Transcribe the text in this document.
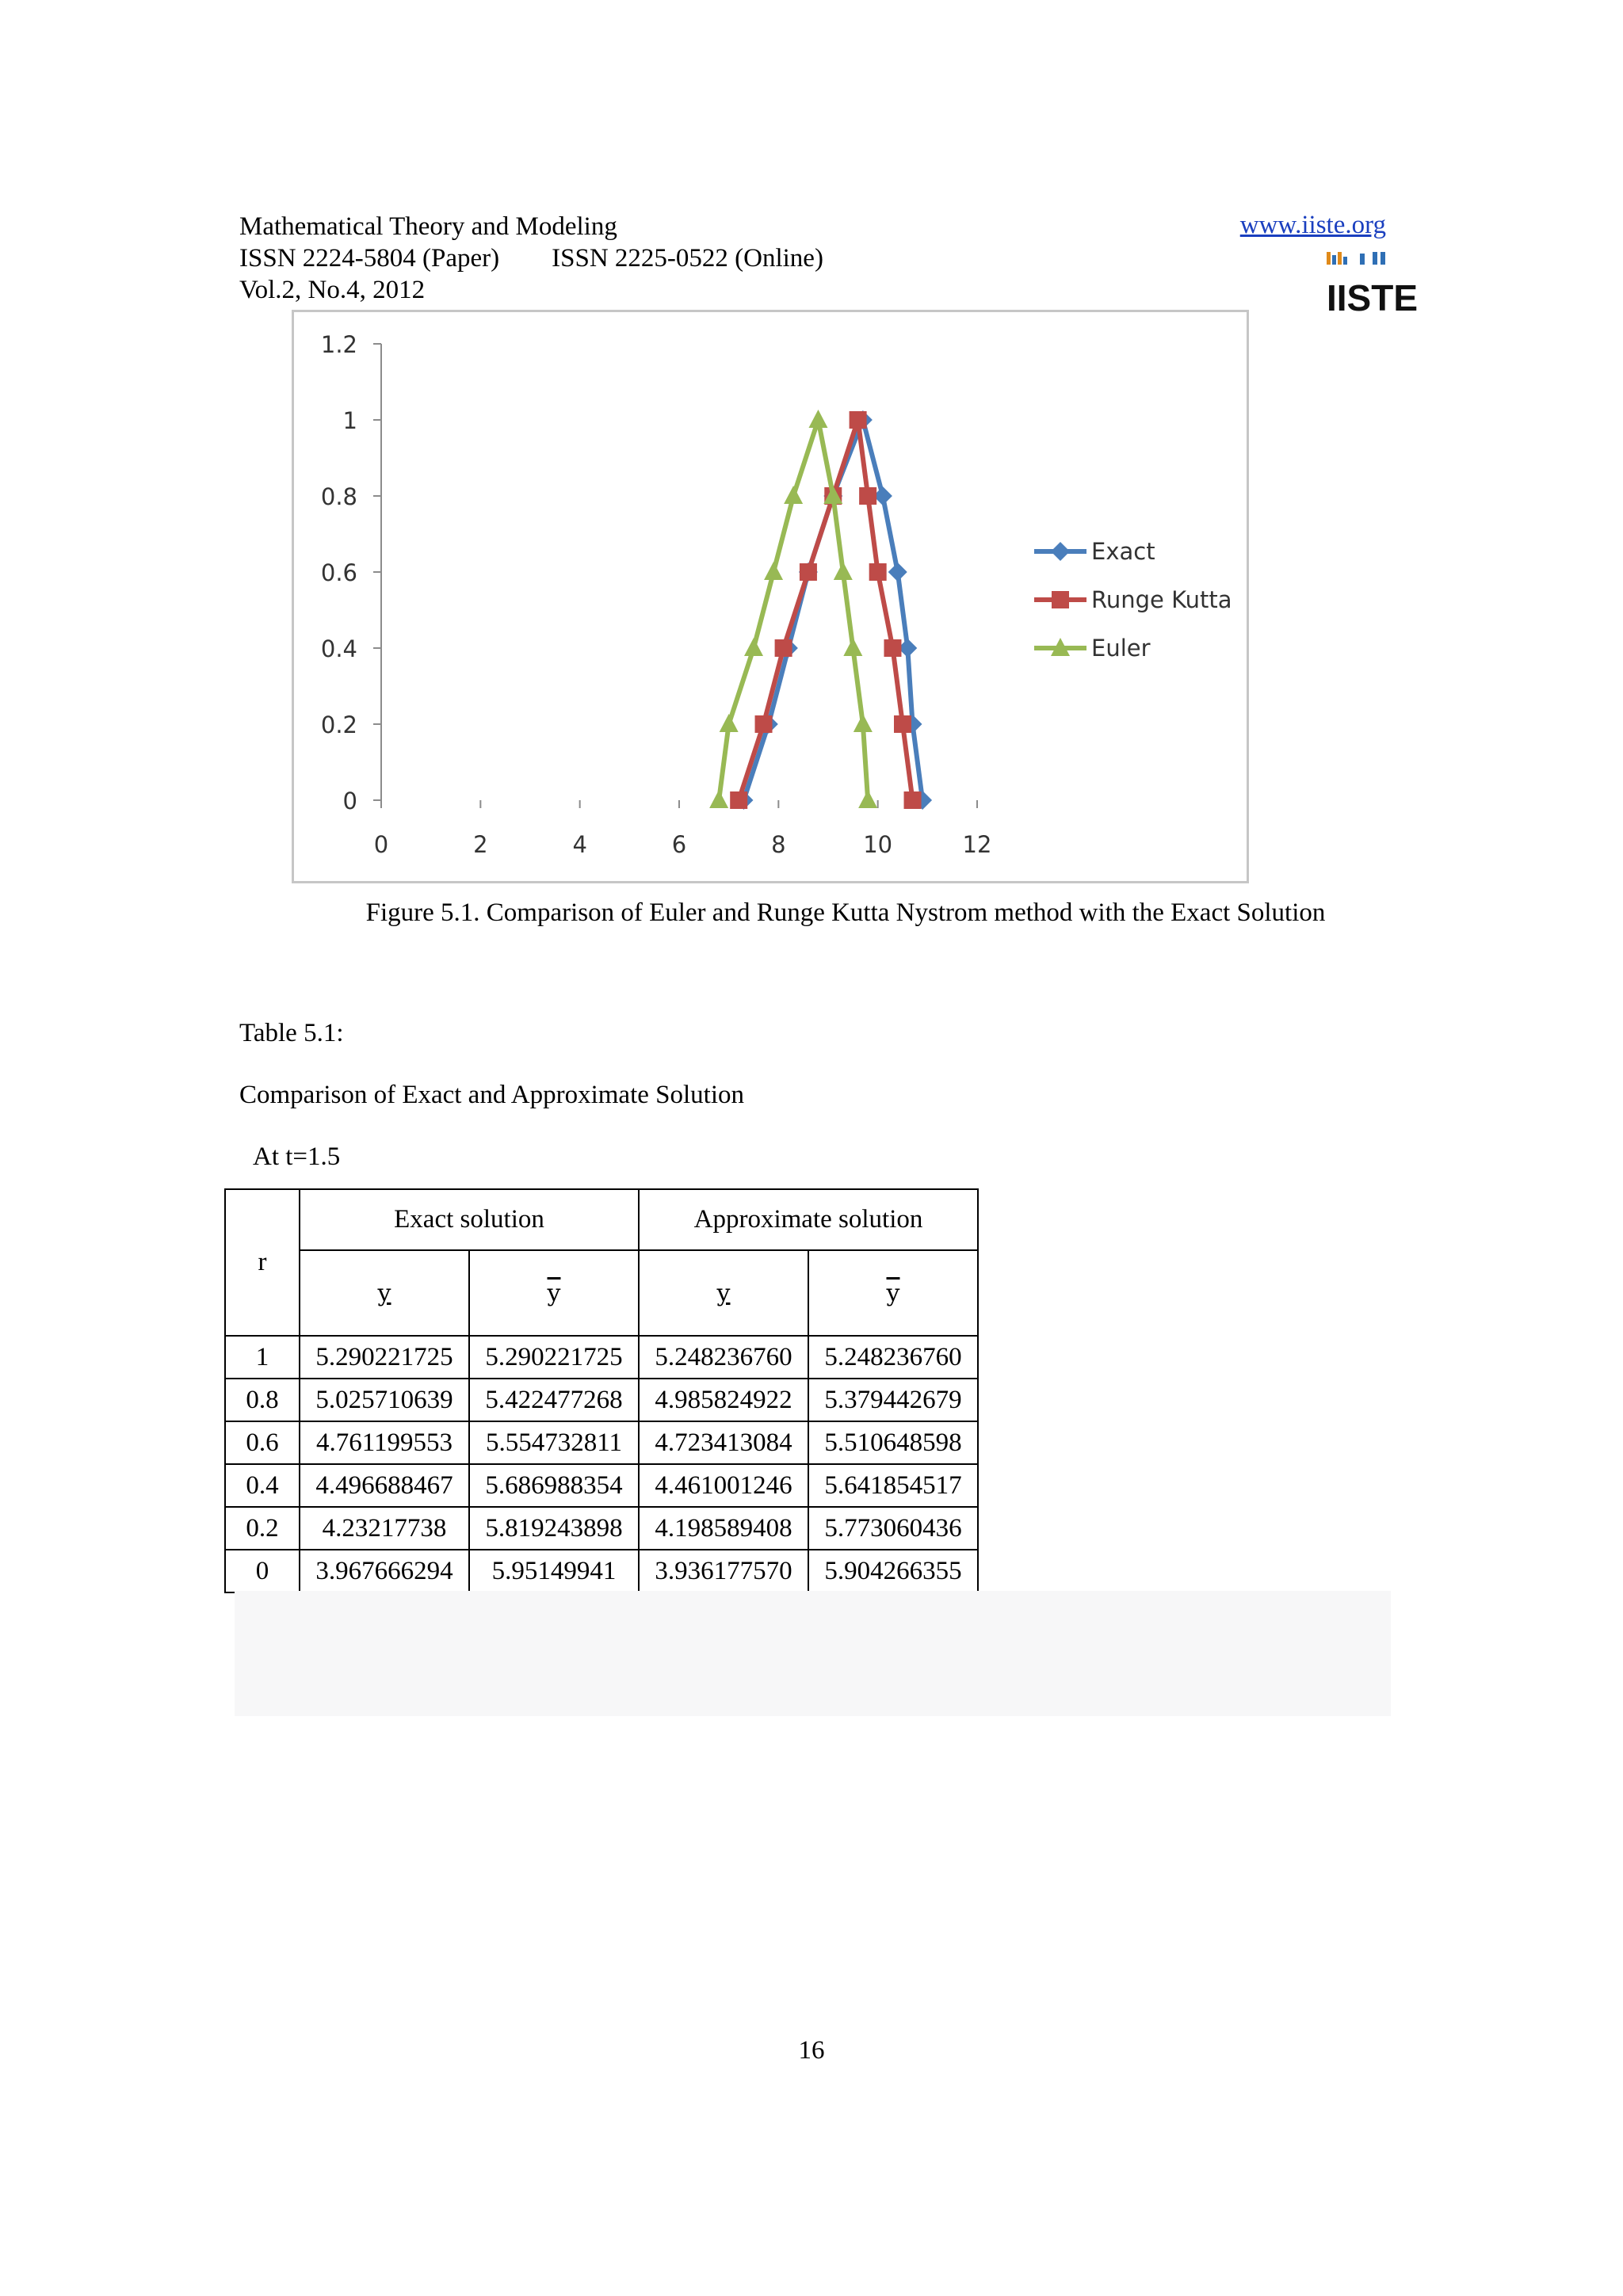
Mathematical Theory and Modeling
ISSN 2224-5804 (Paper)        ISSN 2225-0522 (Online)
Vol.2, No.4, 2012
www.iiste.org
IISTE
0
0.2
0.4
0.6
0.8
1
1.2
0	2	4	6	8	10	12
Exact
Runge Kutta
Euler
Figure 5.1. Comparison of Euler and Runge Kutta Nystrom method with the Exact Solution
Table 5.1:
Comparison of Exact and Approximate Solution
At t=1.5
r	Exact solution		Approximate solution	
	y	$\overline{y}$	y	$\overline{y}$
1	5.290221725	5.290221725	5.248236760	5.248236760
0.8	5.025710639	5.422477268	4.985824922	5.379442679
0.6	4.761199553	5.554732811	4.723413084	5.510648598
0.4	4.496688467	5.686988354	4.461001246	5.641854517
0.2	4.23217738	5.819243898	4.198589408	5.773060436
0	3.967666294	5.95149941	3.936177570	5.904266355
16
